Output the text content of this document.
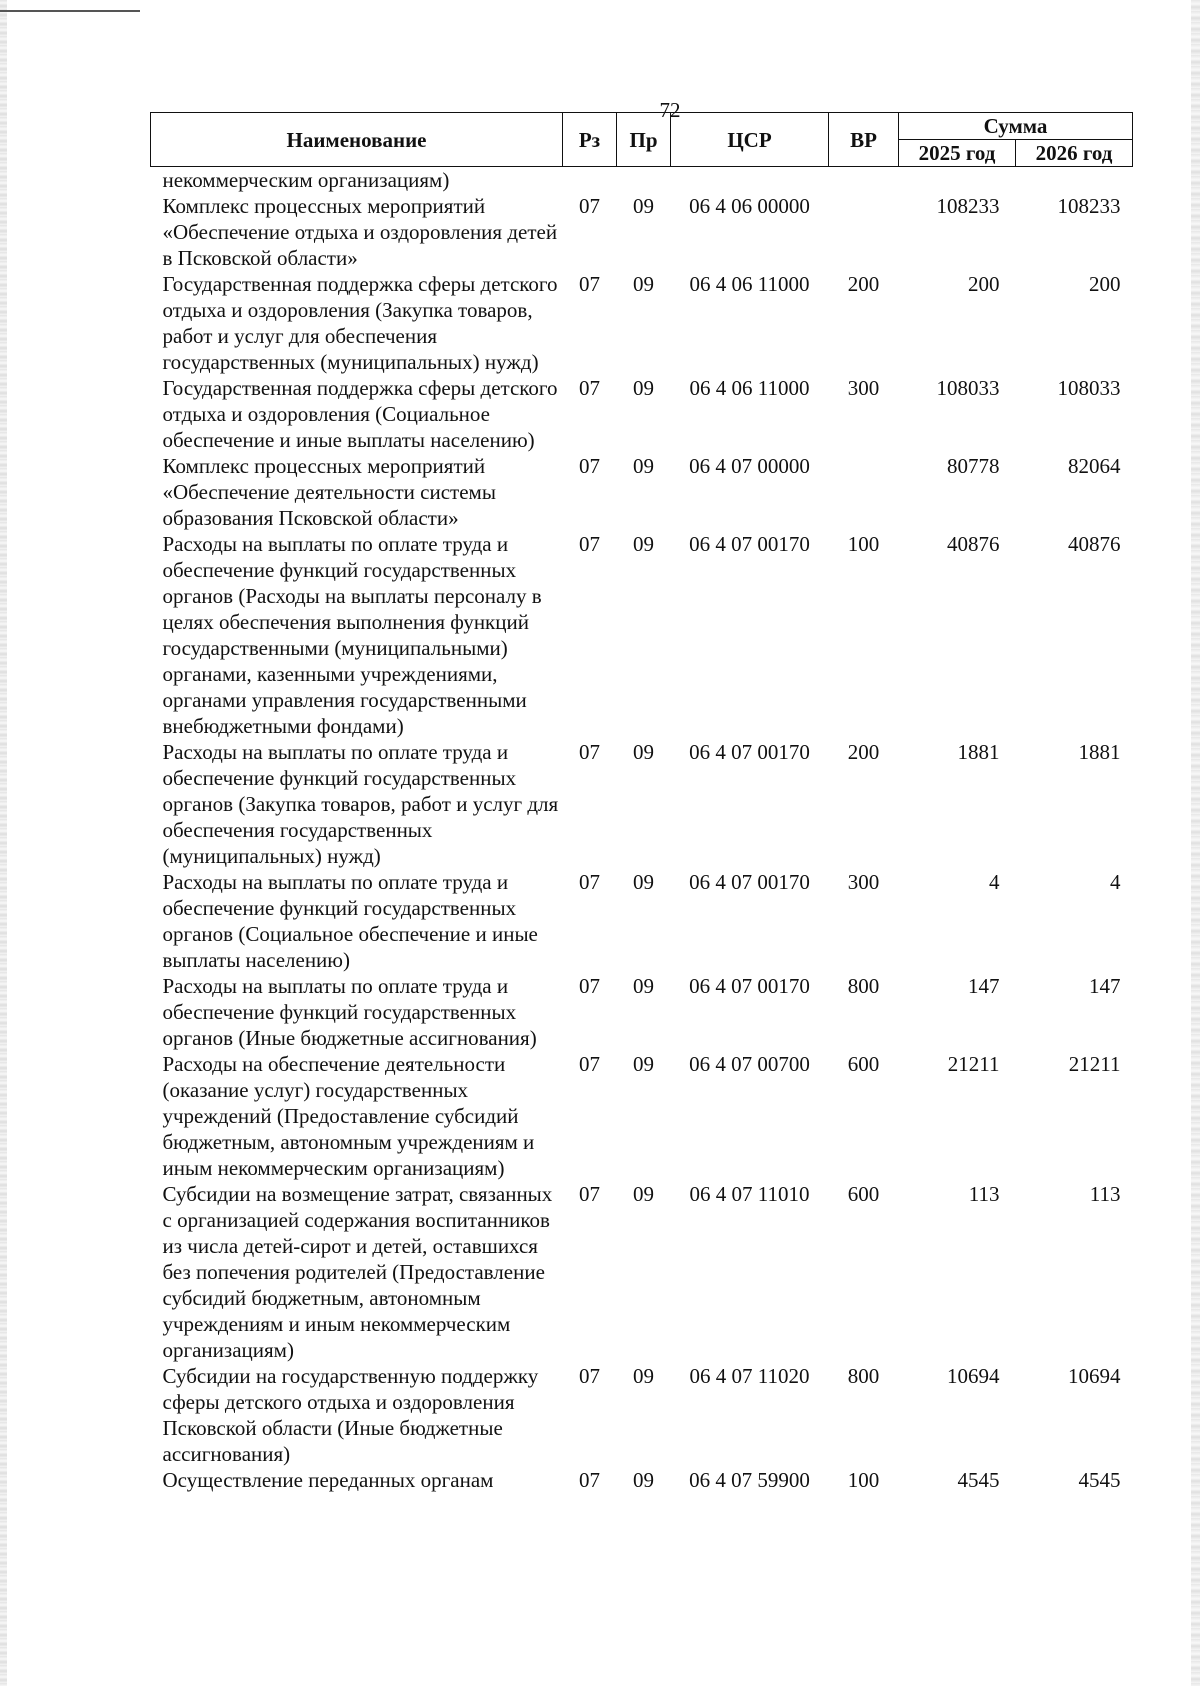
72
Наименование	Рз	Пр	ЦСР	ВР	Сумма	
					2025 год	2026 год
некоммерческим организациям)						
Комплекс процессных мероприятий «Обеспечение отдыха и оздоровления детей в Псковской области»	07	09	06 4 06 00000		108233	108233
Государственная поддержка сферы детского отдыха и оздоровления (Закупка товаров, работ и услуг для обеспечения государственных (муниципальных) нужд)	07	09	06 4 06 11000	200	200	200
Государственная поддержка сферы детского отдыха и оздоровления (Социальное обеспечение и иные выплаты населению)	07	09	06 4 06 11000	300	108033	108033
Комплекс процессных мероприятий «Обеспечение деятельности системы образования Псковской области»	07	09	06 4 07 00000		80778	82064
Расходы на выплаты по оплате труда и обеспечение функций государственных органов (Расходы на выплаты персоналу в целях обеспечения выполнения функций государственными (муниципальными) органами, казенными учреждениями, органами управления государственными внебюджетными фондами)	07	09	06 4 07 00170	100	40876	40876
Расходы на выплаты по оплате труда и обеспечение функций государственных органов (Закупка товаров, работ и услуг для обеспечения государственных (муниципальных) нужд)	07	09	06 4 07 00170	200	1881	1881
Расходы на выплаты по оплате труда и обеспечение функций государственных органов (Социальное обеспечение и иные выплаты населению)	07	09	06 4 07 00170	300	4	4
Расходы на выплаты по оплате труда и обеспечение функций государственных органов (Иные бюджетные ассигнования)	07	09	06 4 07 00170	800	147	147
Расходы на обеспечение деятельности (оказание услуг) государственных учреждений (Предоставление субсидий бюджетным, автономным учреждениям и иным некоммерческим организациям)	07	09	06 4 07 00700	600	21211	21211
Субсидии на возмещение затрат, связанных с организацией содержания воспитанников из числа детей-сирот и детей, оставшихся без попечения родителей (Предоставление субсидий бюджетным, автономным учреждениям и иным некоммерческим организациям)	07	09	06 4 07 11010	600	113	113
Субсидии на государственную поддержку сферы детского отдыха и оздоровления Псковской области (Иные бюджетные ассигнования)	07	09	06 4 07 11020	800	10694	10694
Осуществление переданных органам	07	09	06 4 07 59900	100	4545	4545
